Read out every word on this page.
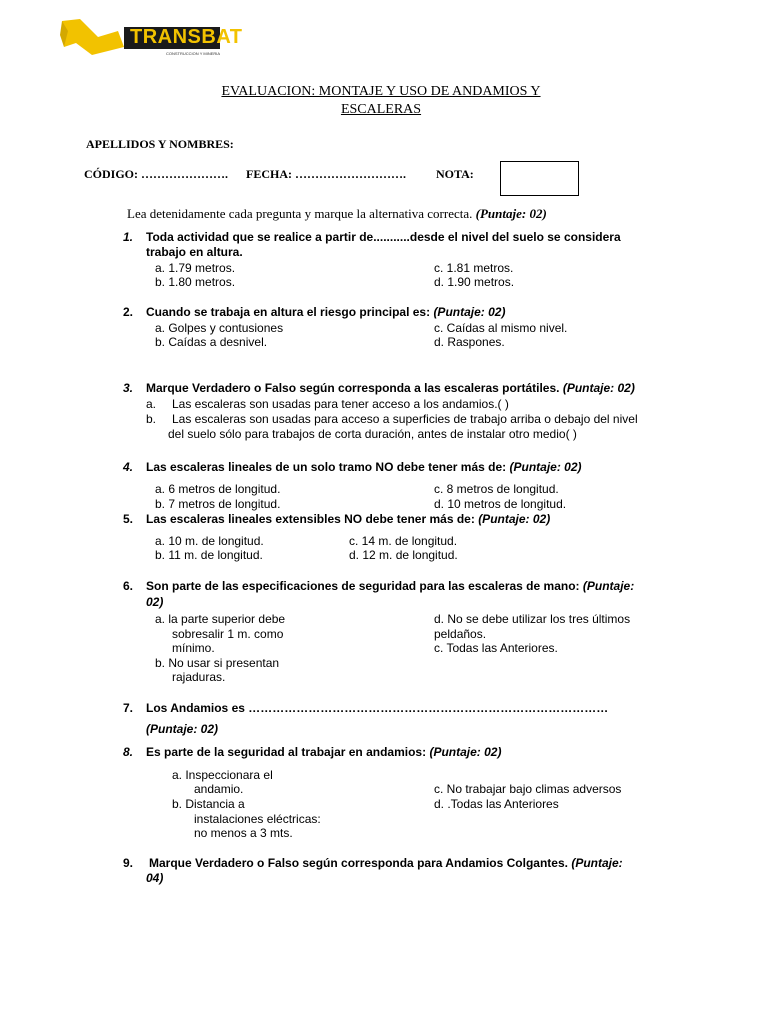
TRANSBAT
CONSTRUCCION Y MINERIA
EVALUACION: MONTAJE Y USO DE ANDAMIOS Y
ESCALERAS
APELLIDOS Y NOMBRES:
CÓDIGO: …………………. FECHA: ……………………….	NOTA:
Lea detenidamente cada pregunta y marque la alternativa correcta. (Puntaje: 02)
1. Toda actividad que se realice a partir de...........desde el nivel del suelo se considera
trabajo en altura.
a. 1.79 metros.
b. 1.80 metros.
c. 1.81 metros.
d. 1.90 metros.
2. Cuando se trabaja en altura el riesgo principal es: (Puntaje: 02)
a. Golpes y contusiones
b. Caídas a desnivel.
c. Caídas al mismo nivel.
d. Raspones.
3. Marque Verdadero o Falso según corresponda a las escaleras portátiles. (Puntaje: 02)
a. Las escaleras son usadas para tener acceso a los andamios.( )
b. Las escaleras son usadas para acceso a superficies de trabajo arriba o debajo del nivel
del suelo sólo para trabajos de corta duración, antes de instalar otro medio( )
4. Las escaleras lineales de un solo tramo NO debe tener más de: (Puntaje: 02)
a. 6 metros de longitud.
b. 7 metros de longitud.
c. 8 metros de longitud.
d. 10 metros de longitud.
5. Las escaleras lineales extensibles NO debe tener más de: (Puntaje: 02)
a. 10 m. de longitud.
b. 11 m. de longitud.
c. 14 m. de longitud.
d. 12 m. de longitud.
6. Son parte de las especificaciones de seguridad para las escaleras de mano: (Puntaje:
02)
a. la parte superior debe
sobresalir 1 m. como
mínimo.
b. No usar si presentan
rajaduras.
d. No se debe utilizar los tres últimos
peldaños.
c. Todas las Anteriores.
7. Los Andamios es ………………………………………………………………………………
(Puntaje: 02)
8. Es parte de la seguridad al trabajar en andamios: (Puntaje: 02)
a. Inspeccionara el
andamio.
b. Distancia a
instalaciones eléctricas:
no menos a 3 mts.
c. No trabajar bajo climas adversos
d. .Todas las Anteriores
9. Marque Verdadero o Falso según corresponda para Andamios Colgantes. (Puntaje:
04)
